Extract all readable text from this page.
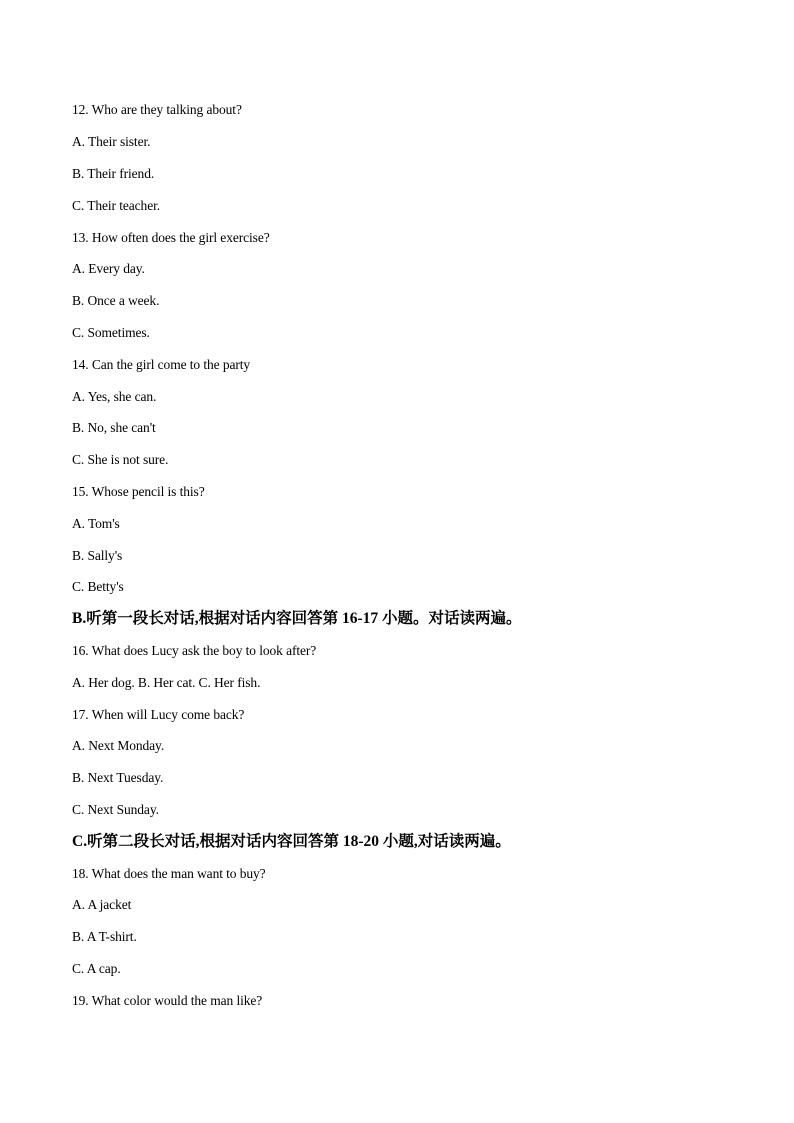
12. Who are they talking about?
A. Their sister.
B. Their friend.
C. Their teacher.
13. How often does the girl exercise?
A. Every day.
B. Once a week.
C. Sometimes.
14. Can the girl come to the party
A. Yes, she can.
B. No, she can't
C. She is not sure.
15. Whose pencil is this?
A. Tom's
B. Sally's
C. Betty's
B.听第一段长对话,根据对话内容回答第 16-17 小题。对话读两遍。
16. What does Lucy ask the boy to look after?
A. Her dog. B. Her cat. C. Her fish.
17. When will Lucy come back?
A. Next Monday.
B. Next Tuesday.
C. Next Sunday.
C.听第二段长对话,根据对话内容回答第 18-20 小题,对话读两遍。
18. What does the man want to buy?
A. A jacket
B. A T-shirt.
C. A cap.
19. What color would the man like?
